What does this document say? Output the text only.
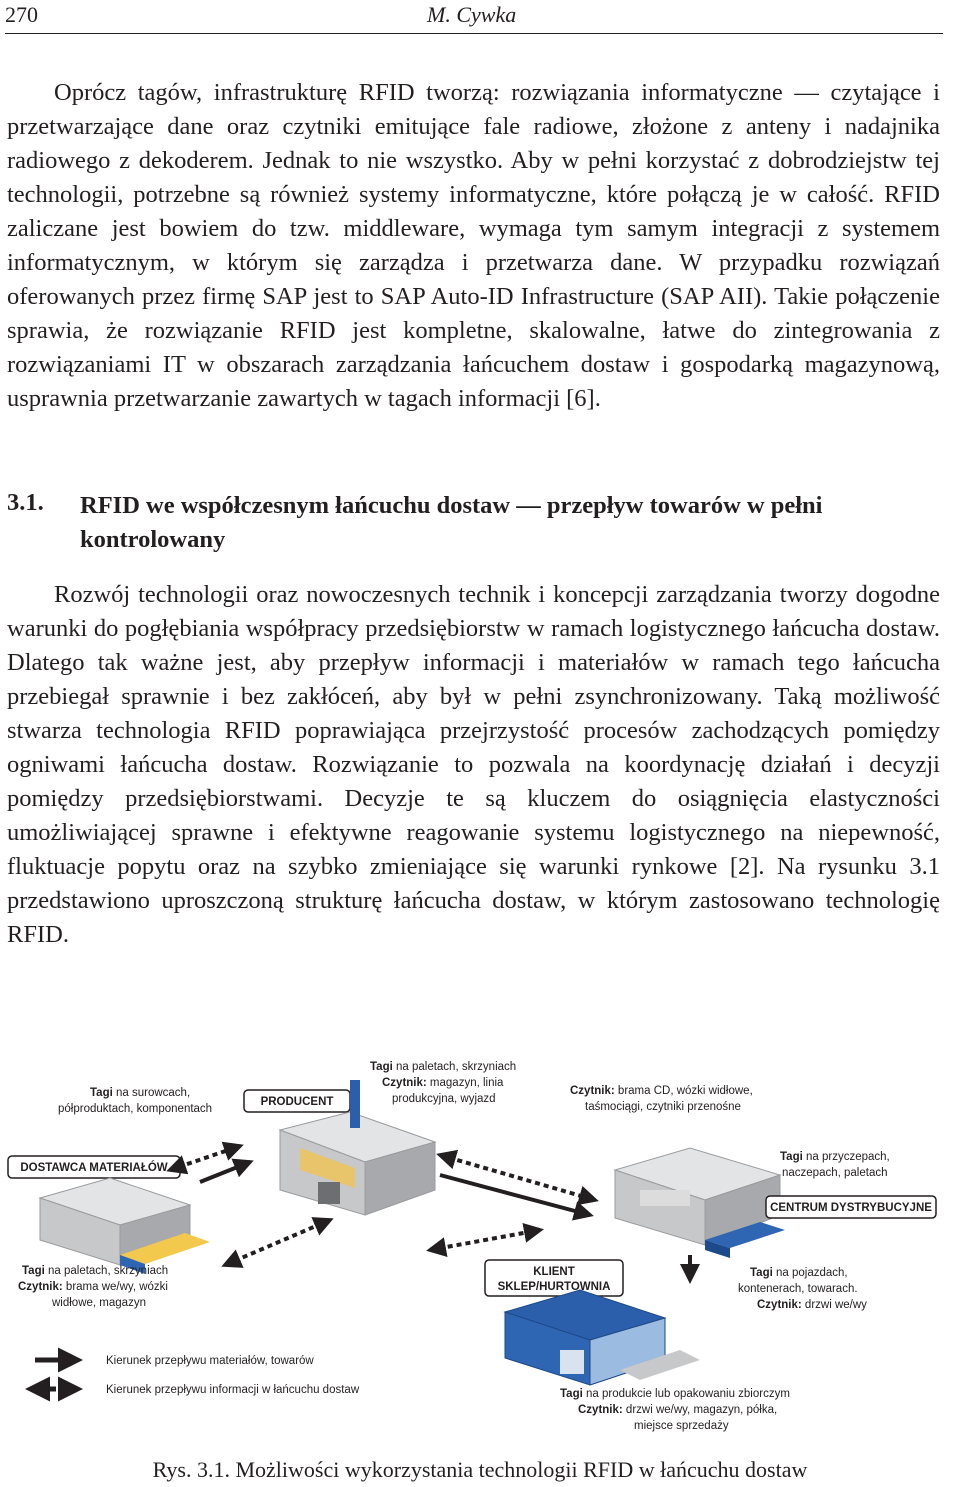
270	M. Cywka

Oprócz tagów, infrastrukturę RFID tworzą: rozwiązania informatyczne — czytające i przetwarzające dane oraz czytniki emitujące fale radiowe, złożone z anteny i nadajnika radiowego z dekoderem. Jednak to nie wszystko. Aby w pełni korzystać z dobrodziejstw tej technologii, potrzebne są również systemy informatyczne, które połączą je w całość. RFID zaliczane jest bowiem do tzw. middleware, wymaga tym samym integracji z systemem informatycznym, w którym się zarządza i przetwarza dane. W przypadku rozwiązań oferowanych przez firmę SAP jest to SAP Auto-ID Infrastructure (SAP AII). Takie połączenie sprawia, że rozwiązanie RFID jest kompletne, skalowalne, łatwe do zintegrowania z rozwiązaniami IT w obszarach zarządzania łańcuchem dostaw i gospodarką magazynową, usprawnia przetwarzanie zawartych w tagach informacji [6].

3.1. RFID we współczesnym łańcuchu dostaw — przepływ towarów w pełni kontrolowany

Rozwój technologii oraz nowoczesnych technik i koncepcji zarządzania tworzy dogodne warunki do pogłębiania współpracy przedsiębiorstw w ramach logistycznego łańcucha dostaw. Dlatego tak ważne jest, aby przepływ informacji i materiałów w ramach tego łańcucha przebiegał sprawnie i bez zakłóceń, aby był w pełni zsynchronizowany. Taką możliwość stwarza technologia RFID poprawiająca przejrzystość procesów zachodzących pomiędzy ogniwami łańcucha dostaw. Rozwiązanie to pozwala na koordynację działań i decyzji pomiędzy przedsiębiorstwami. Decyzje te są kluczem do osiągnięcia elastyczności umożliwiającej sprawne i efektywne reagowanie systemu logistycznego na niepewność, fluktuacje popytu oraz na szybko zmieniające się warunki rynkowe [2]. Na rysunku 3.1 przedstawiono uproszczoną strukturę łańcucha dostaw, w którym zastosowano technologię RFID.

Tagi na surowcach,
półproduktach, komponentach
PRODUCENT
Tagi na paletach, skrzyniach
Czytnik: magazyn, linia
produkcyjna, wyjazd
Czytnik: brama CD, wózki widłowe,
taśmociągi, czytniki przenośne
Tagi na przyczepach,
naczepach, paletach
CENTRUM DYSTRYBUCYJNE
DOSTAWCA MATERIAŁÓW
Tagi na paletach, skrzyniach
Czytnik: brama we/wy, wózki
widłowe, magazyn
KLIENT
SKLEP/HURTOWNIA
Tagi na pojazdach,
kontenerach, towarach.
Czytnik: drzwi we/wy
Kierunek przepływu materiałów, towarów
Kierunek przepływu informacji w łańcuchu dostaw	Tagi na produkcie lub opakowaniu zbiorczym
Czytnik: drzwi we/wy, magazyn, półka,
miejsce sprzedaży
Rys. 3.1. Możliwości wykorzystania technologii RFID w łańcuchu dostaw
